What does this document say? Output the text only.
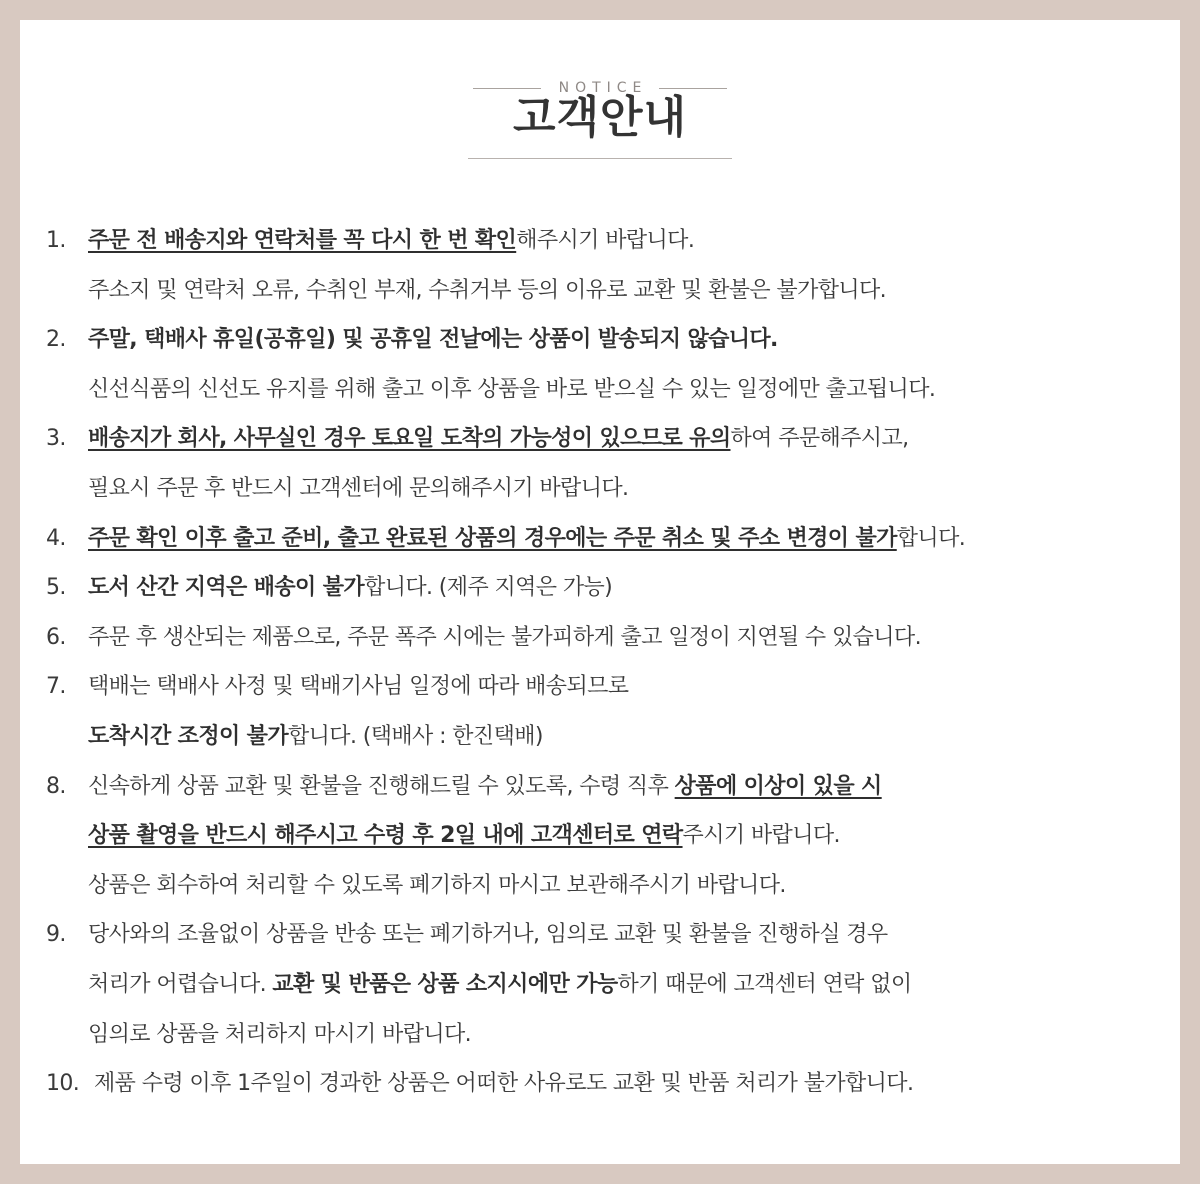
NOTICE
고객안내
1.	주문 전 배송지와 연락처를 꼭 다시 한 번 확인해주시기 바랍니다.
주소지 및 연락처 오류, 수취인 부재, 수취거부 등의 이유로 교환 및 환불은 불가합니다.
2.	주말, 택배사 휴일(공휴일) 및 공휴일 전날에는 상품이 발송되지 않습니다.
신선식품의 신선도 유지를 위해 출고 이후 상품을 바로 받으실 수 있는 일정에만 출고됩니다.
3.	배송지가 회사, 사무실인 경우 토요일 도착의 가능성이 있으므로 유의하여 주문해주시고,
필요시 주문 후 반드시 고객센터에 문의해주시기 바랍니다.
4.	주문 확인 이후 출고 준비, 출고 완료된 상품의 경우에는 주문 취소 및 주소 변경이 불가합니다.
5.	도서 산간 지역은 배송이 불가합니다. (제주 지역은 가능)
6.	주문 후 생산되는 제품으로, 주문 폭주 시에는 불가피하게 출고 일정이 지연될 수 있습니다.
7.	택배는 택배사 사정 및 택배기사님 일정에 따라 배송되므로
도착시간 조정이 불가합니다. (택배사 : 한진택배)
8.	신속하게 상품 교환 및 환불을 진행해드릴 수 있도록, 수령 직후 상품에 이상이 있을 시
상품 촬영을 반드시 해주시고 수령 후 2일 내에 고객센터로 연락주시기 바랍니다.
상품은 회수하여 처리할 수 있도록 폐기하지 마시고 보관해주시기 바랍니다.
9.	당사와의 조율없이 상품을 반송 또는 폐기하거나, 임의로 교환 및 환불을 진행하실 경우
처리가 어렵습니다. 교환 및 반품은 상품 소지시에만 가능하기 때문에 고객센터 연락 없이
임의로 상품을 처리하지 마시기 바랍니다.
10. 제품 수령 이후 1주일이 경과한 상품은 어떠한 사유로도 교환 및 반품 처리가 불가합니다.
